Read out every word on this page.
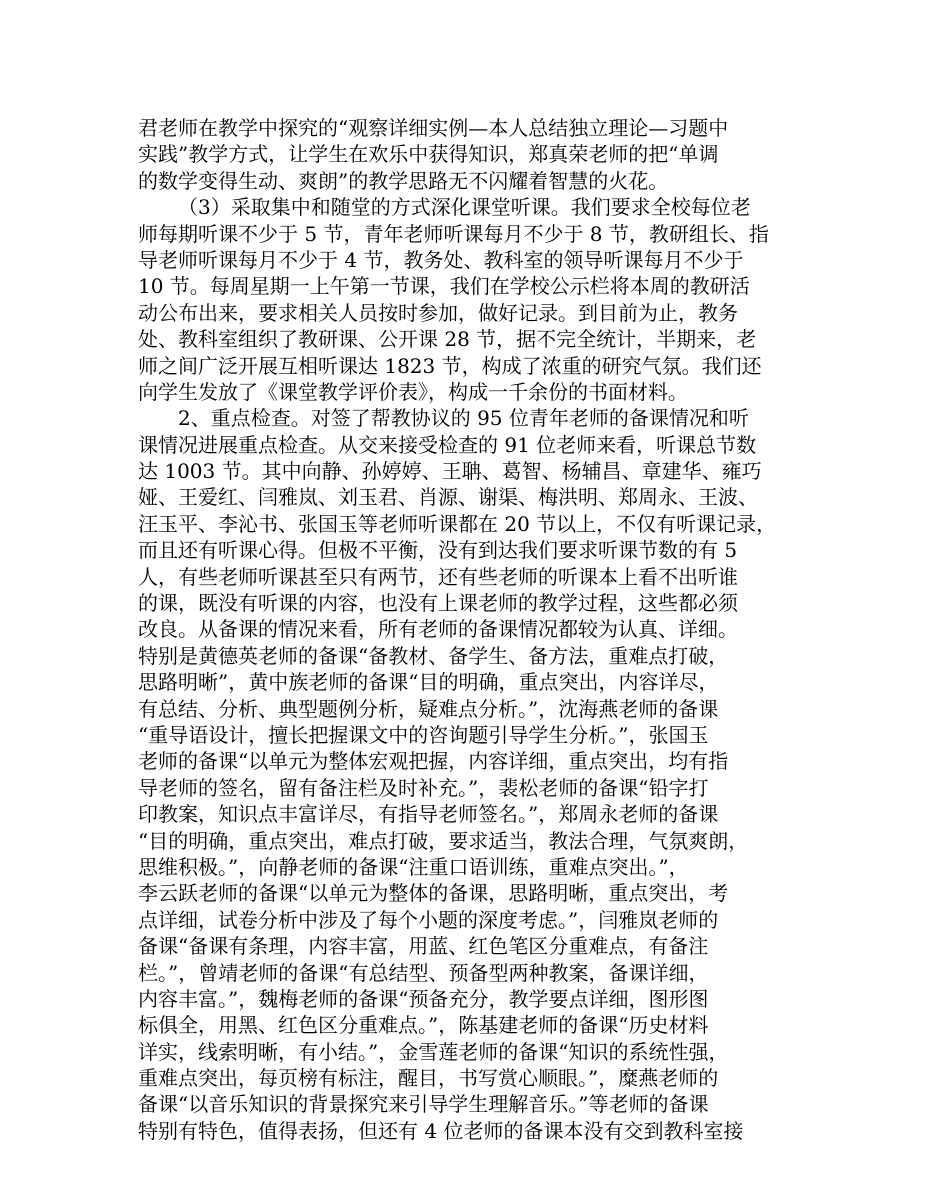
君老师在教学中探究的“观察详细实例—本人总结独立理论—习题中
实践”教学方式，让学生在欢乐中获得知识，郑真荣老师的把“单调
的数学变得生动、爽朗”的教学思路无不闪耀着智慧的火花。
（3）采取集中和随堂的方式深化课堂听课。我们要求全校每位老
师每期听课不少于 5 节，青年老师听课每月不少于 8 节，教研组长、指
导老师听课每月不少于 4 节，教务处、教科室的领导听课每月不少于
10 节。每周星期一上午第一节课，我们在学校公示栏将本周的教研活
动公布出来，要求相关人员按时参加，做好记录。到目前为止，教务
处、教科室组织了教研课、公开课 28 节，据不完全统计，半期来，老
师之间广泛开展互相听课达 1823 节，构成了浓重的研究气氛。我们还
向学生发放了《课堂教学评价表》，构成一千余份的书面材料。
2、重点检查。对签了帮教协议的 95 位青年老师的备课情况和听
课情况进展重点检查。从交来接受检查的 91 位老师来看，听课总节数
达 1003 节。其中向静、孙婷婷、王聃、葛智、杨辅昌、章建华、雍巧
娅、王爱红、闫雅岚、刘玉君、肖源、谢渠、梅洪明、郑周永、王波、
汪玉平、李沁书、张国玉等老师听课都在 20 节以上，不仅有听课记录，
而且还有听课心得。但极不平衡，没有到达我们要求听课节数的有 5
人，有些老师听课甚至只有两节，还有些老师的听课本上看不出听谁
的课，既没有听课的内容，也没有上课老师的教学过程，这些都必须
改良。从备课的情况来看，所有老师的备课情况都较为认真、详细。
特别是黄德英老师的备课“备教材、备学生、备方法，重难点打破，
思路明晰”，黄中族老师的备课“目的明确，重点突出，内容详尽，
有总结、分析、典型题例分析，疑难点分析。”，沈海燕老师的备课
“重导语设计，擅长把握课文中的咨询题引导学生分析。”，张国玉
老师的备课“以单元为整体宏观把握，内容详细，重点突出，均有指
导老师的签名，留有备注栏及时补充。”，裴松老师的备课“铅字打
印教案，知识点丰富详尽，有指导老师签名。”，郑周永老师的备课
“目的明确，重点突出，难点打破，要求适当，教法合理，气氛爽朗，
思维积极。”，向静老师的备课“注重口语训练，重难点突出。”，
李云跃老师的备课“以单元为整体的备课，思路明晰，重点突出，考
点详细，试卷分析中涉及了每个小题的深度考虑。”，闫雅岚老师的
备课“备课有条理，内容丰富，用蓝、红色笔区分重难点，有备注
栏。”，曾靖老师的备课“有总结型、预备型两种教案，备课详细，
内容丰富。”，魏梅老师的备课“预备充分，教学要点详细，图形图
标俱全，用黑、红色区分重难点。”，陈基建老师的备课“历史材料
详实，线索明晰，有小结。”，金雪莲老师的备课“知识的系统性强，
重难点突出，每页榜有标注，醒目，书写赏心顺眼。”，糜燕老师的
备课“以音乐知识的背景探究来引导学生理解音乐。”等老师的备课
特别有特色，值得表扬，但还有 4 位老师的备课本没有交到教科室接
